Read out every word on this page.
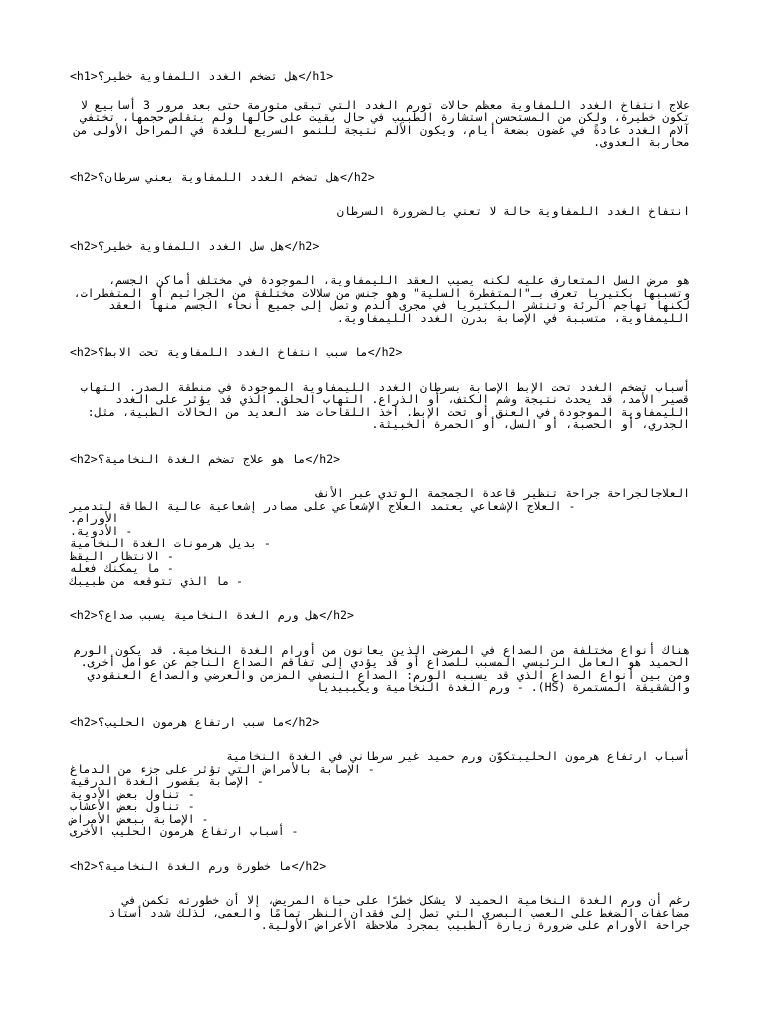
<h1>هل تضخم الغدد اللمفاوية خطير؟</h1>

علاج انتفاخ الغدد اللمفاوية معظم حالات تورم الغدد التي تبقى متورمة حتى بعد مرور 3 أسابيع لا تكون خطيرة، ولكن من المستحسن استشارة الطبيب في حال بقيت على حالها ولم يتقلص حجمها، تختفي آلام الغدد عادةً في غضون بضعة أيام، ويكون الألم نتيجة للنمو السريع للغدة في المراحل الأولى من محاربة العدوى.

<h2>هل تضخم الغدد اللمفاوية يعني سرطان؟</h2>

انتفاخ الغدد اللمفاوية حالة لا تعني بالضرورة السرطان

<h2>هل سل الغدد اللمفاوية خطير؟</h2>

هو مرض السل المتعارف عليه لكنه يصيب العقد الليمفاوية، الموجودة في مختلف أماكن الجسم، وتسببها بكتيريا تعرف بـ"المتفطرة السلية" وهو جنس من سلالات مختلفة من الجراثيم أو المتفطرات، لكنها تهاجم الرئة وتنتشر البكتيريا في مجرى الدم وتصل إلى جميع أنحاء الجسم منها العقد الليمفاوية، متسببة في الإصابة بدرن الغدد الليمفاوية.

<h2>ما سبب انتفاخ الغدد اللمفاوية تحت الابط؟</h2>

أسباب تضخم الغدد تحت الإبط الإصابة بسرطان الغدد الليمفاوية الموجودة في منطقة الصدر. التهاب قصير الأمد، قد يحدث نتيجة وشم الكتف، أو الذراع. التهاب الحلق. الذي قد يؤثر على الغدد الليمفاوية الموجودة في العنق أو تحت الإبط. أخذ اللقاحات ضد العديد من الحالات الطبية، مثل: الجدري، أو الحصبة، أو السل، أو الحمرة الخبيثة.

<h2>ما هو علاج تضخم الغدة النخامية؟</h2>

العلاجالجراحة جراحة تنظير قاعدة الجمجمة الوتدي عبر الأنف

- العلاج الإشعاعي يعتمد العلاج الإشعاعي على مصادر إشعاعية عالية الطاقة لتدمير

الأورام.

- الأدوية.

- بديل هرمونات الغدة النخامية

- الانتظار اليقظ

- ما يمكنك فعله

- ما الذي تتوقعه من طبيبك

<h2>هل ورم الغدة النخامية يسبب صداع؟</h2>

هناك أنواع مختلفة من الصداع في المرضى الذين يعانون من أورام الغدة النخامية. قد يكون الورم الحميد هو العامل الرئيسي المسبب للصداع أو قد يؤدي إلى تفاقم الصداع الناجم عن عوامل أخرى. ومن بين أنواع الصداع الذي قد يسببه الورم: الصداع النصفي المزمن والعرضي والصداع العنقودي والشقيقة المستمرة (HS). - ورم الغدة النخامية ويكيبيديا

<h2>ما سبب ارتفاع هرمون الحليب؟</h2>

أسباب ارتفاع هرمون الحليبتكوّن ورم حميد غير سرطاني في الغدة النخامية

- الإصابة بالأمراض التي تؤثر على جزء من الدماغ

- الإصابة بقصور الغدة الدرقية

- تناول بعض الأدوية

- تناول بعض الأعشاب

- الإصابة ببعض الأمراض

- أسباب ارتفاع هرمون الحليب الأخرى

<h2>ما خطورة ورم الغدة النخامية؟</h2>

رغم أن ورم الغدة النخامية الحميد لا يشكل خطرًا على حياة المريض، إلا أن خطورته تكمن في مضاعفات الضغط على العصب البصري التي تصل إلى فقدان النظر تمامًا والعمى، لذلك شدد أستاذ جراحة الأورام على ضرورة زيارة الطبيب بمجرد ملاحظة الأعراض الأولية.
